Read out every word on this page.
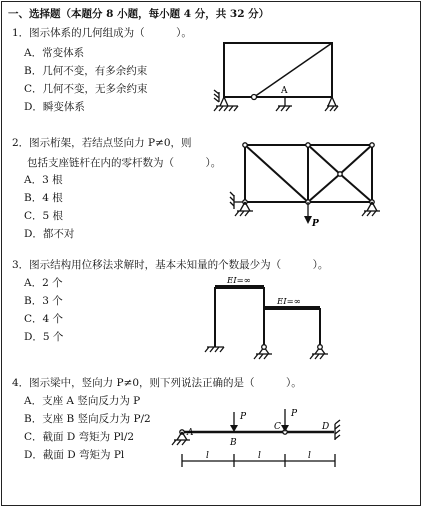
一、选择题（本题分 8 小题，每小题 4 分，共 32 分）
1．图示体系的几何组成为（　　　）。
A．常变体系
B．几何不变，有多余约束
C．几何不变，无多余约束
D．瞬变体系
A
2．图示桁架，若结点竖向力 P≠0，则
包括支座链杆在内的零杆数为（　　　）。
A．3 根
B．4 根
C．5 根
D．都不对
P
3．图示结构用位移法求解时，基本未知量的个数最少为（　　　）。
A．2 个
B．3 个
C．4 个
D．5 个
EI=∞
EI=∞
4．图示梁中，竖向力 P≠0，则下列说法正确的是（　　　）。
A．支座 A 竖向反力为 P
B．支座 B 竖向反力为 P/2
C．截面 D 弯矩为 Pl/2
D．截面 D 弯矩为 Pl
A
B
C	D
P	P
l	l	l
